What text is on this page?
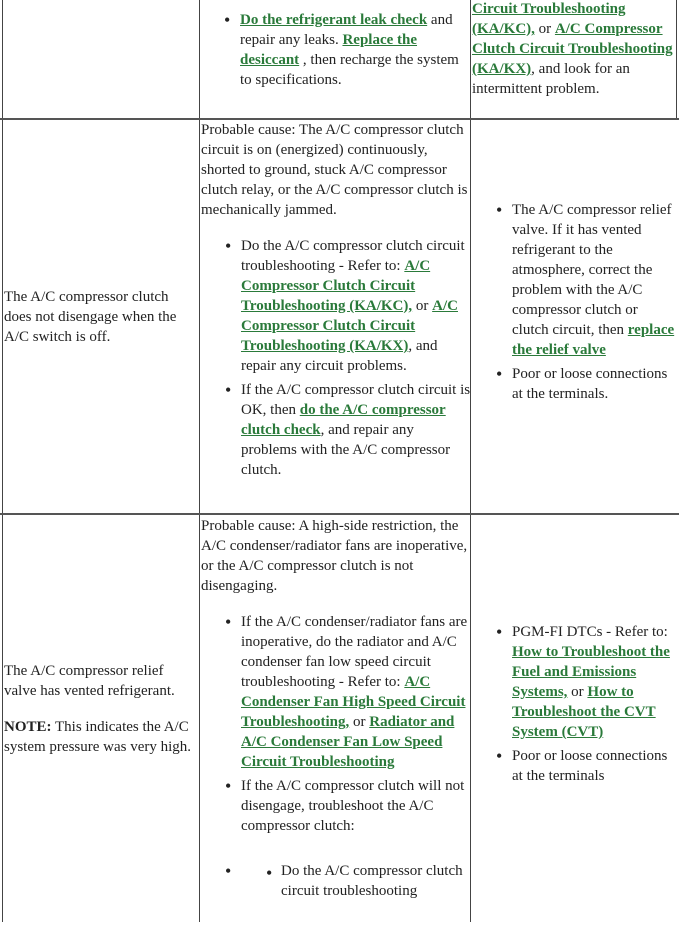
• Do the refrigerant leak check and repair any leaks. Replace the desiccant , then recharge the system to specifications.

Circuit Troubleshooting (KA/KC), or A/C Compressor Clutch Circuit Troubleshooting (KA/KX), and look for an intermittent problem.

The A/C compressor clutch does not disengage when the A/C switch is off.

Probable cause: The A/C compressor clutch circuit is on (energized) continuously, shorted to ground, stuck A/C compressor clutch relay, or the A/C compressor clutch is mechanically jammed.

• Do the A/C compressor clutch circuit troubleshooting - Refer to: A/C Compressor Clutch Circuit Troubleshooting (KA/KC), or A/C Compressor Clutch Circuit Troubleshooting (KA/KX), and repair any circuit problems.
• If the A/C compressor clutch circuit is OK, then do the A/C compressor clutch check, and repair any problems with the A/C compressor clutch.
• The A/C compressor relief valve. If it has vented refrigerant to the atmosphere, correct the problem with the A/C compressor clutch or clutch circuit, then replace the relief valve
• Poor or loose connections at the terminals.

The A/C compressor relief valve has vented refrigerant.

NOTE: This indicates the A/C system pressure was very high.

Probable cause: A high-side restriction, the A/C condenser/radiator fans are inoperative, or the A/C compressor clutch is not disengaging.

• If the A/C condenser/radiator fans are inoperative, do the radiator and A/C condenser fan low speed circuit troubleshooting - Refer to: A/C Condenser Fan High Speed Circuit Troubleshooting, or Radiator and A/C Condenser Fan Low Speed Circuit Troubleshooting
• If the A/C compressor clutch will not disengage, troubleshoot the A/C compressor clutch:
• • Do the A/C compressor clutch circuit troubleshooting
• PGM-FI DTCs - Refer to: How to Troubleshoot the Fuel and Emissions Systems, or How to Troubleshoot the CVT System (CVT)
• Poor or loose connections at the terminals
